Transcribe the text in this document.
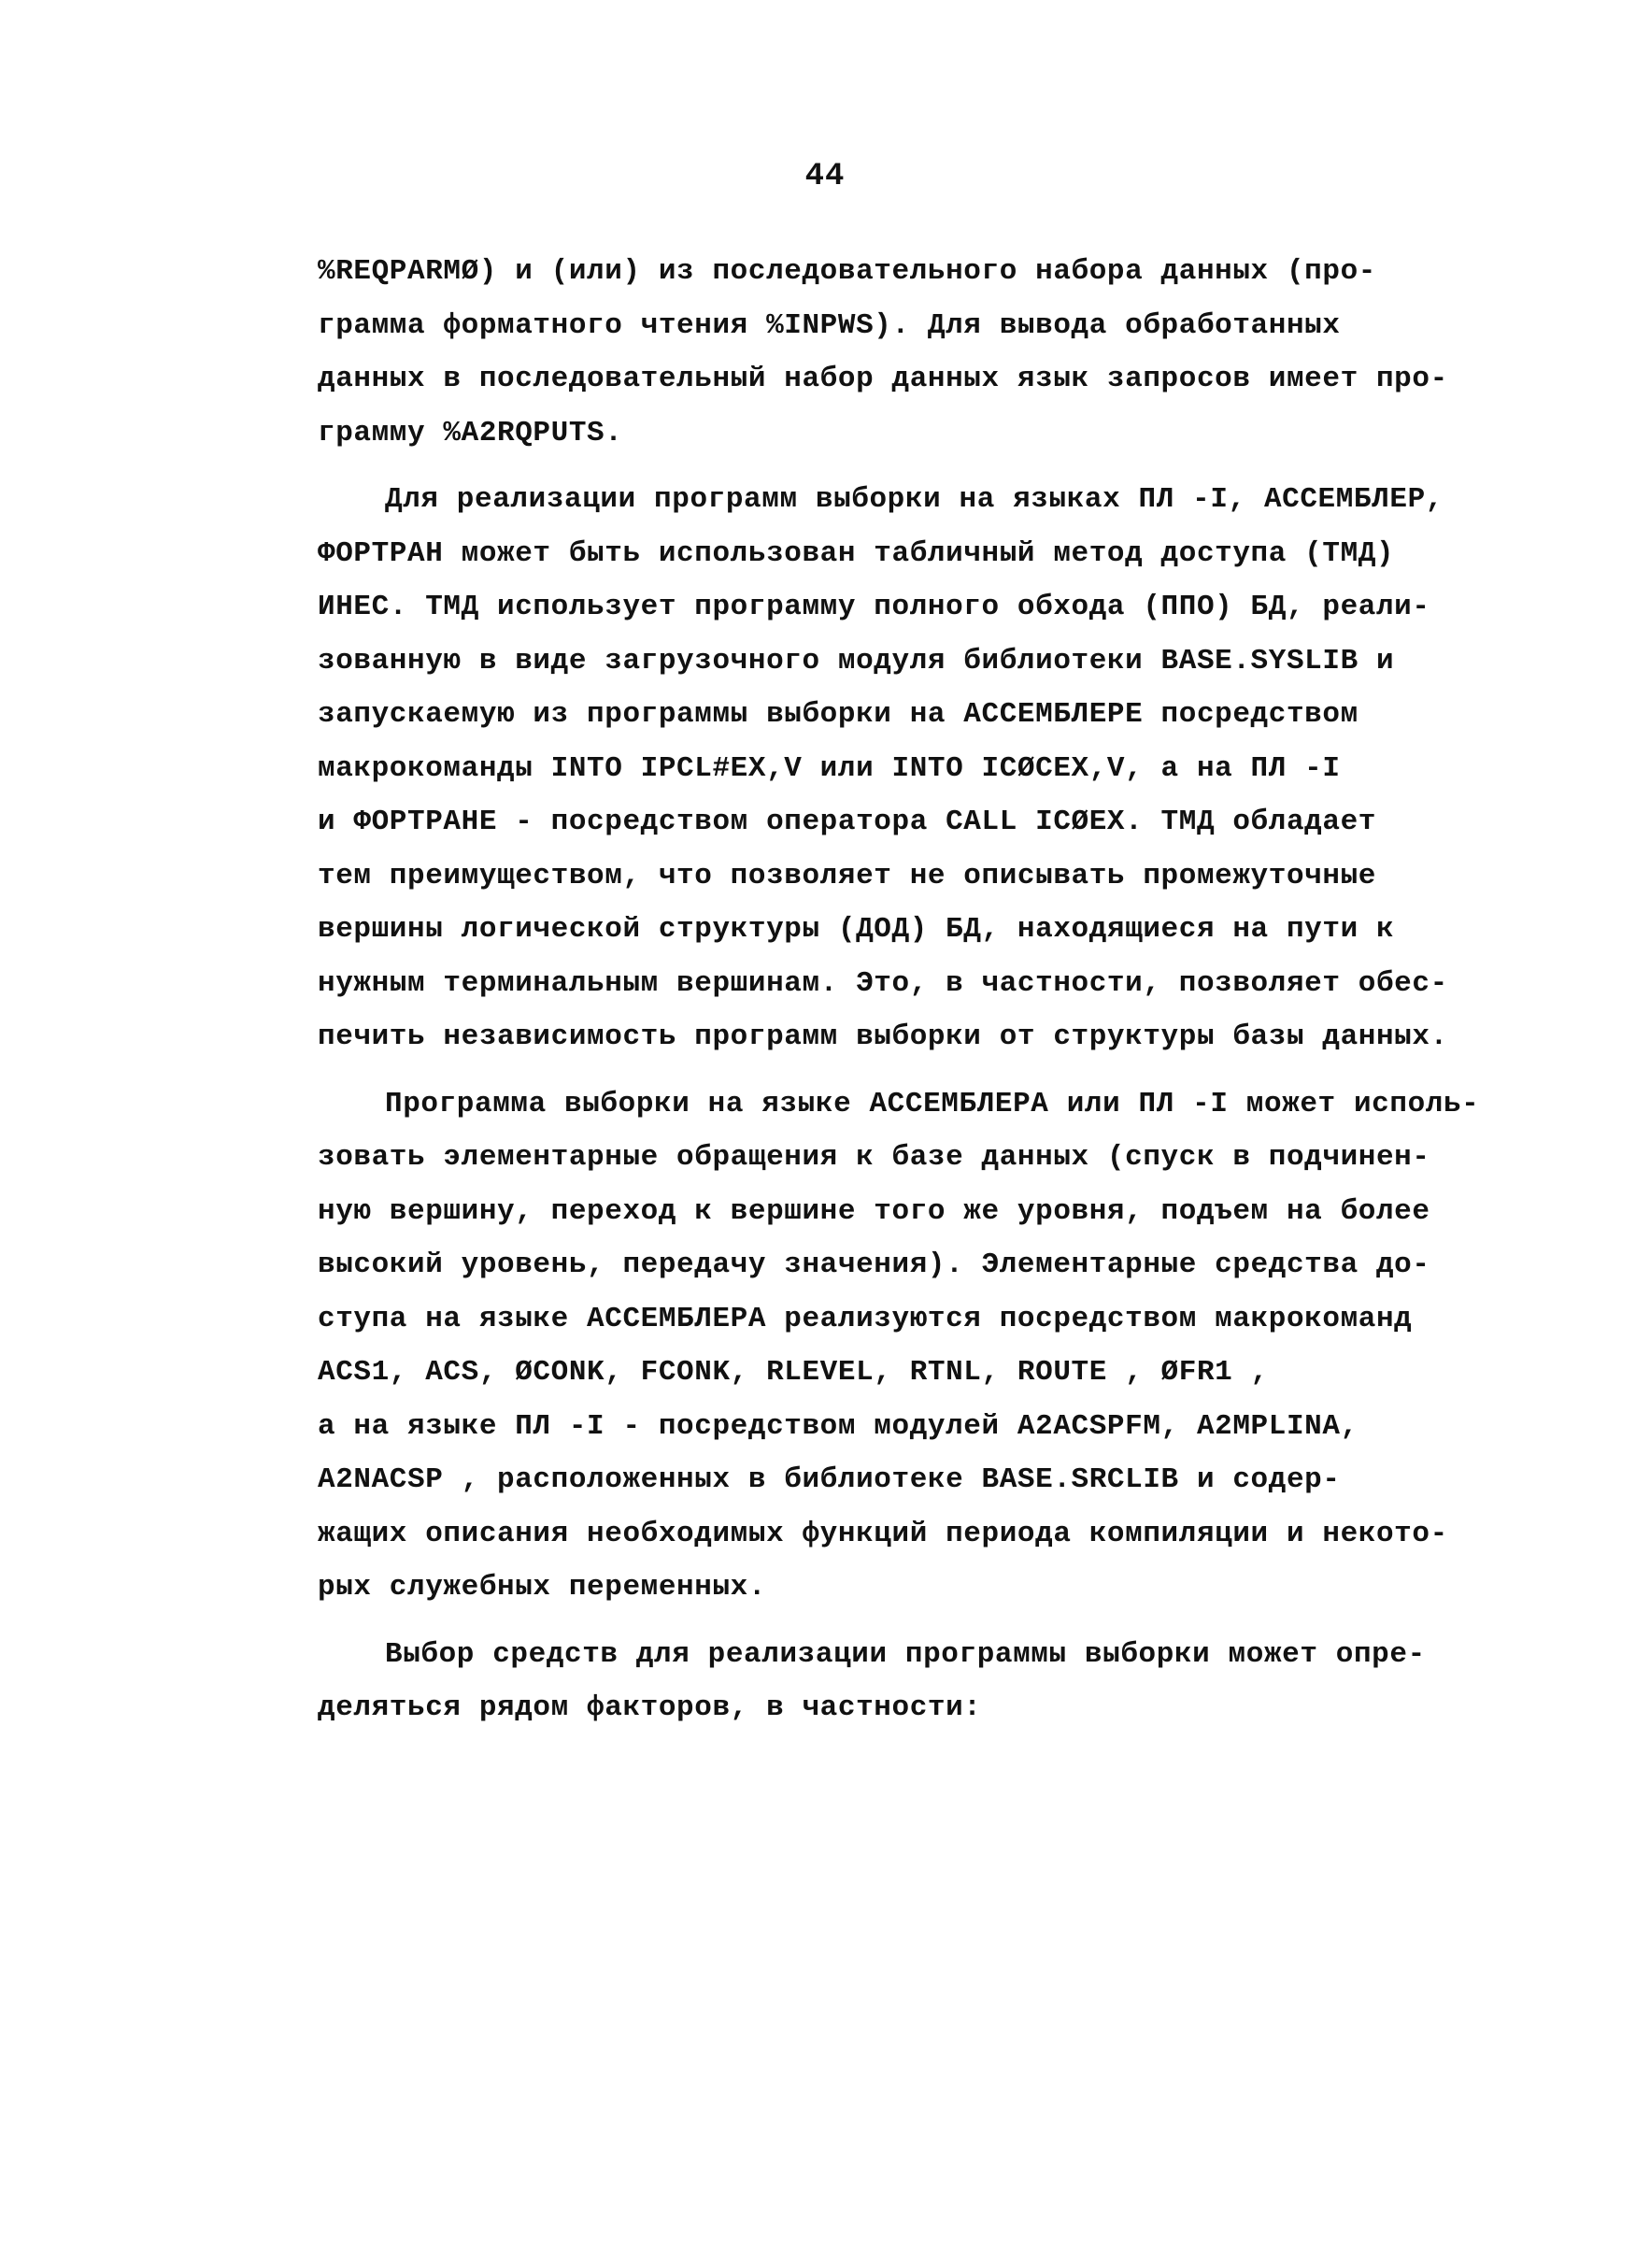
44
%REQPARMØ) и (или) из последовательного набора данных (про-
грамма форматного чтения %INPWS). Для вывода обработанных
данных в последовательный набор данных язык запросов имеет про-
грамму %A2RQPUTS.
Для реализации программ выборки на языках ПЛ -I, АССЕМБЛЕР,
ФОРТРАН может быть использован табличный метод доступа (ТМД)
ИНЕС. ТМД использует программу полного обхода (ППО) БД, реали-
зованную в виде загрузочного модуля библиотеки BASE.SYSLIB и
запускаемую из программы выборки на АССЕМБЛЕРЕ посредством
макрокоманды INTO IPCL#EX,V или INTO ICØCEX,V, а на ПЛ -I
и ФОРТРАНЕ - посредством оператора CALL ICØEX. ТМД обладает
тем преимуществом, что позволяет не описывать промежуточные
вершины логической структуры (ДОД) БД, находящиеся на пути к
нужным терминальным вершинам. Это, в частности, позволяет обес-
печить независимость программ выборки от структуры базы данных.
Программа выборки на языке АССЕМБЛЕРА или ПЛ -I может исполь-
зовать элементарные обращения к базе данных (спуск в подчинен-
ную вершину, переход к вершине того же уровня, подъем на более
высокий уровень, передачу значения). Элементарные средства до-
ступа на языке АССЕМБЛЕРА реализуются посредством макрокоманд
ACS1, ACS, ØCONK, FCONK, RLEVEL, RTNL, ROUTE , ØFR1 ,
а на языке ПЛ -I - посредством модулей A2ACSPFM, A2MPLINA,
A2NACSP , расположенных в библиотеке BASE.SRCLIB и содер-
жащих описания необходимых функций периода компиляции и некото-
рых служебных переменных.
Выбор средств для реализации программы выборки может опре-
деляться рядом факторов, в частности:
